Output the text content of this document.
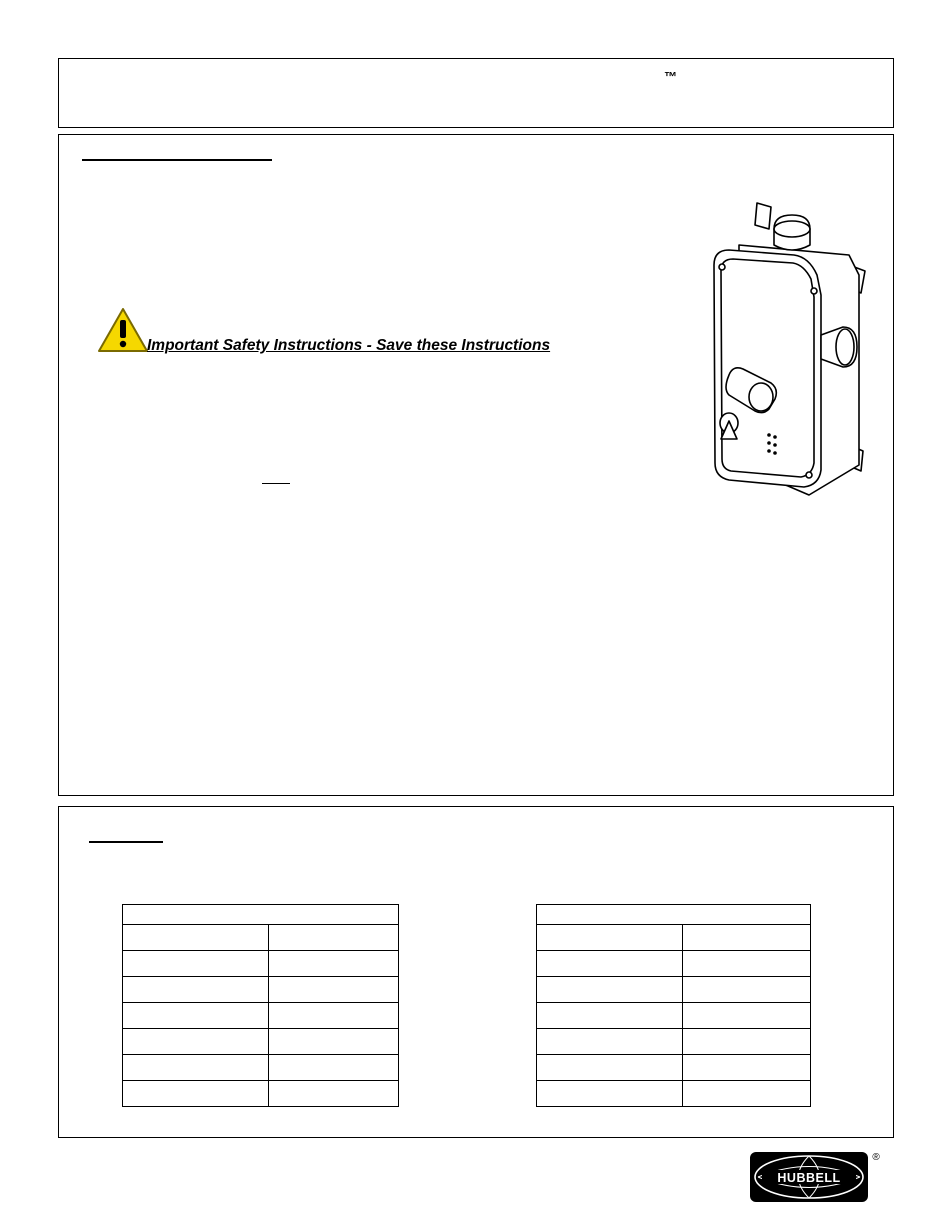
™
Important Safety Instructions - Save these Instructions

HUBBELL
®
